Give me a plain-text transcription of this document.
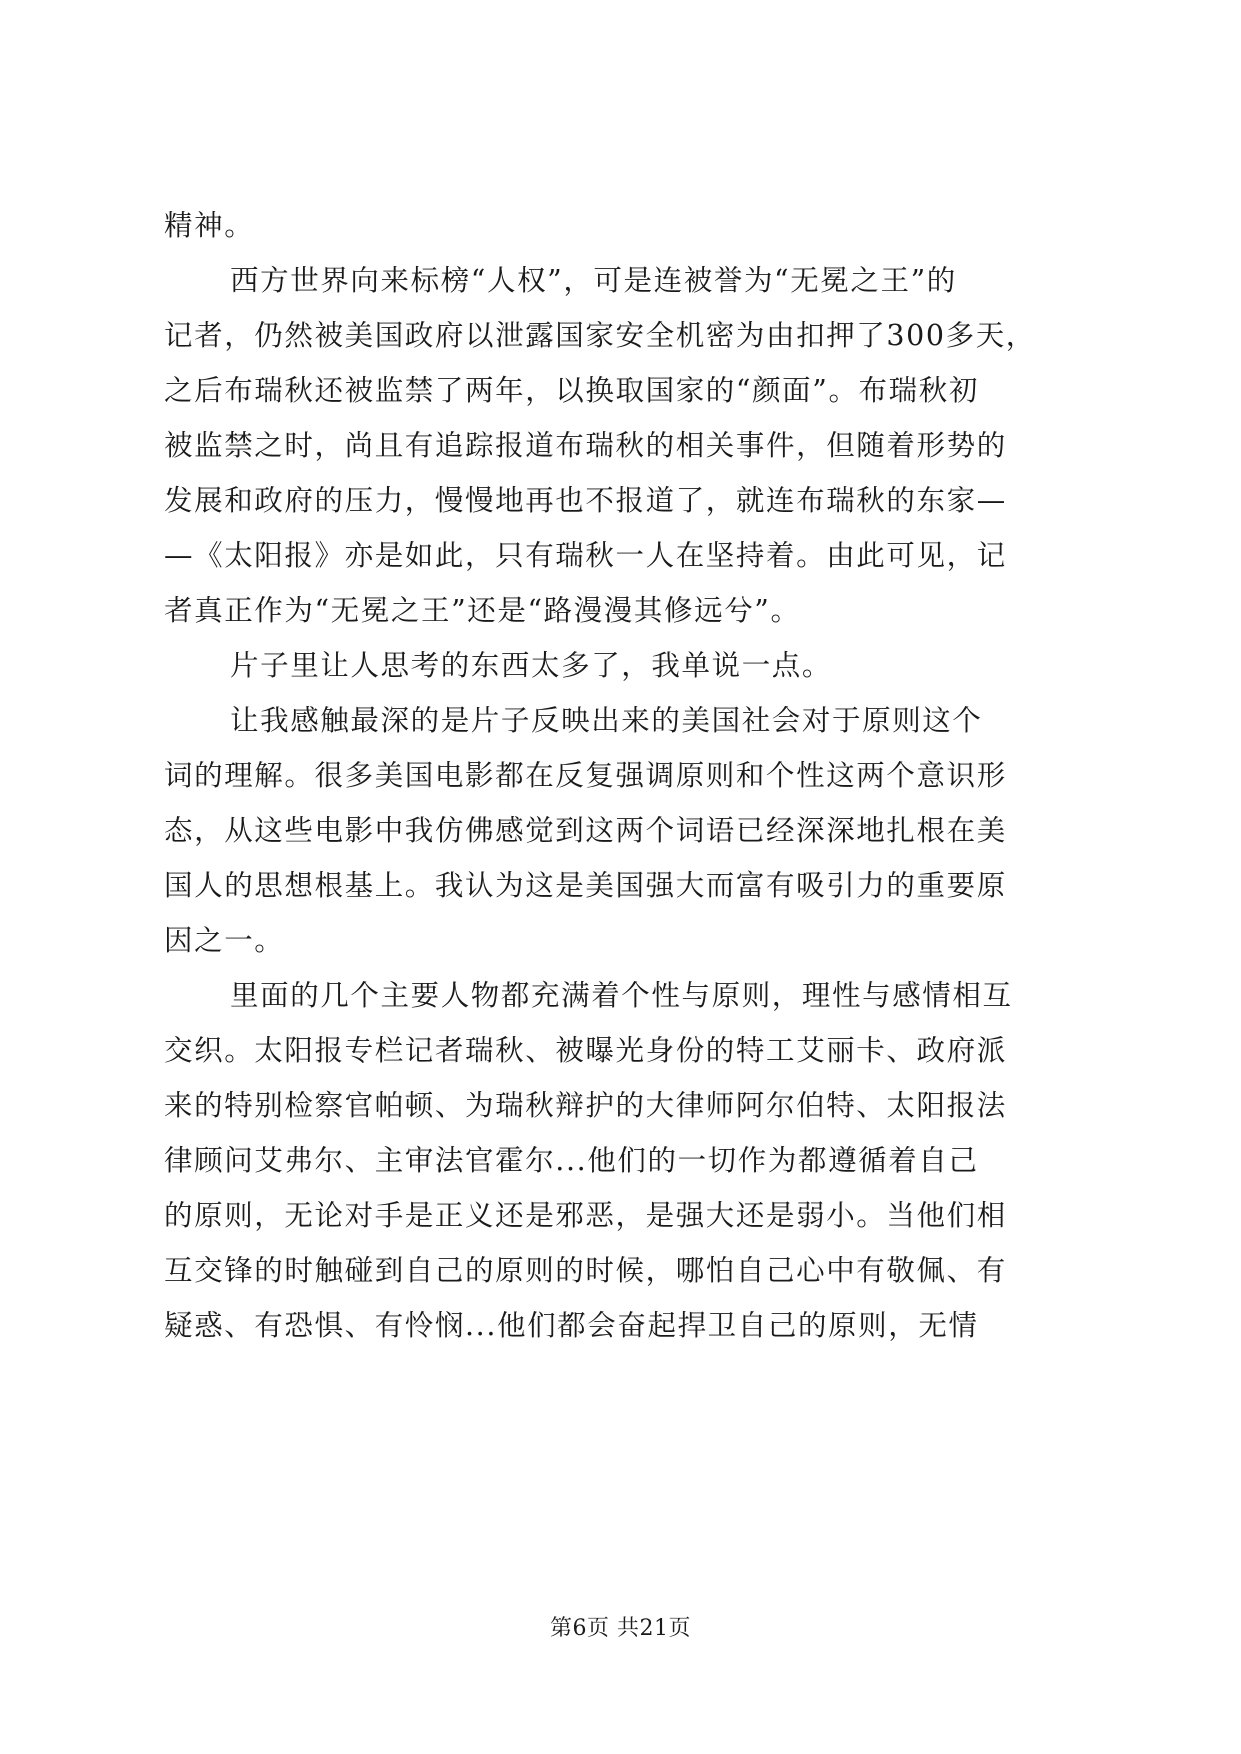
精神。
西方世界向来标榜“人权”，可是连被誉为“无冕之王”的
记者，仍然被美国政府以泄露国家安全机密为由扣押了300多天，
之后布瑞秋还被监禁了两年，以换取国家的“颜面”。布瑞秋初
被监禁之时，尚且有追踪报道布瑞秋的相关事件，但随着形势的
发展和政府的压力，慢慢地再也不报道了，就连布瑞秋的东家—
—《太阳报》亦是如此，只有瑞秋一人在坚持着。由此可见，记
者真正作为“无冕之王”还是“路漫漫其修远兮”。
片子里让人思考的东西太多了，我单说一点。
让我感触最深的是片子反映出来的美国社会对于原则这个
词的理解。很多美国电影都在反复强调原则和个性这两个意识形
态，从这些电影中我仿佛感觉到这两个词语已经深深地扎根在美
国人的思想根基上。我认为这是美国强大而富有吸引力的重要原
因之一。
里面的几个主要人物都充满着个性与原则，理性与感情相互
交织。太阳报专栏记者瑞秋、被曝光身份的特工艾丽卡、政府派
来的特别检察官帕顿、为瑞秋辩护的大律师阿尔伯特、太阳报法
律顾问艾弗尔、主审法官霍尔...他们的一切作为都遵循着自己
的原则，无论对手是正义还是邪恶，是强大还是弱小。当他们相
互交锋的时触碰到自己的原则的时候，哪怕自己心中有敬佩、有
疑惑、有恐惧、有怜悯...他们都会奋起捍卫自己的原则，无情
第6页 共21页
